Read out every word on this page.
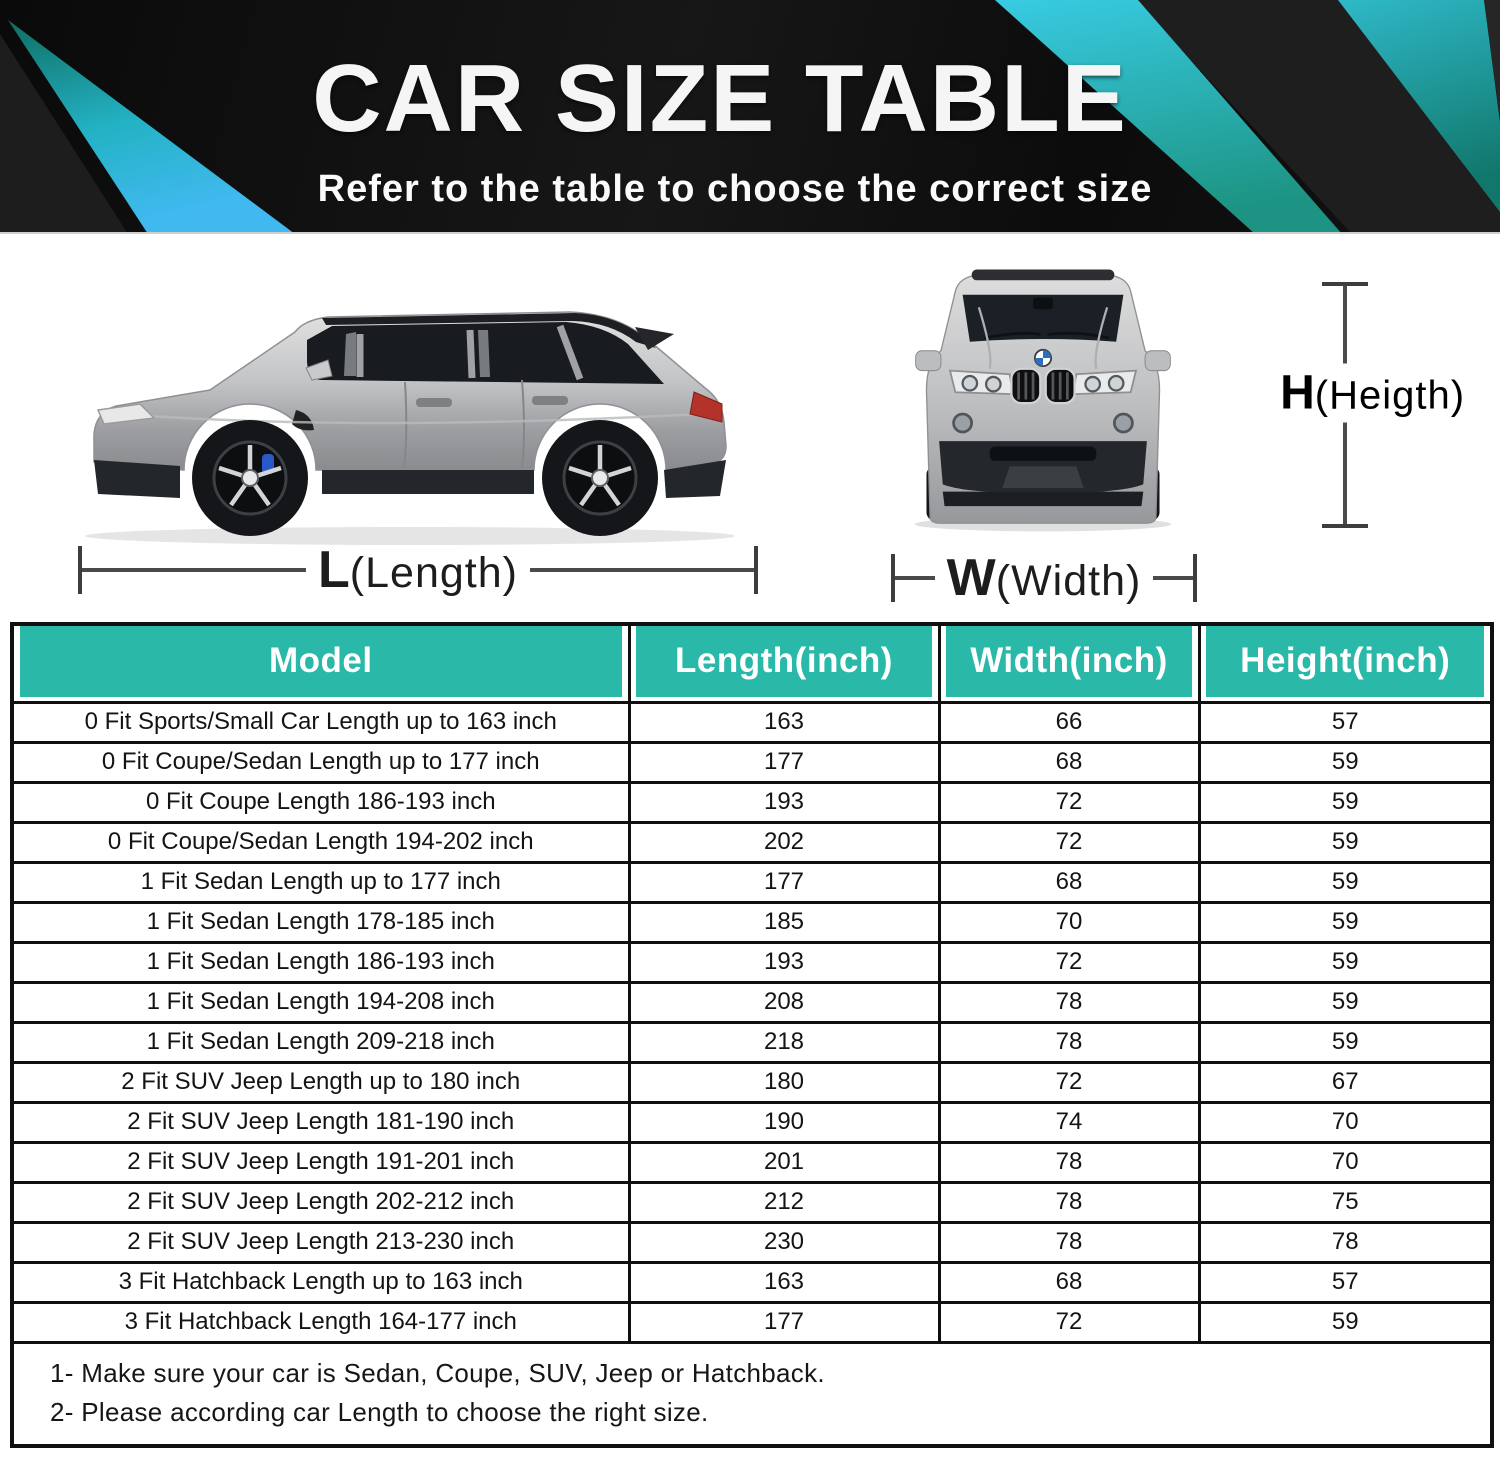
CAR SIZE TABLE
Refer to the table to choose the correct size
L (Length)	W (Width)
H (Heigth)
Model	Length(inch)	Width(inch)	Height(inch)
0 Fit Sports/Small Car Length up to 163 inch	163	66	57
0 Fit Coupe/Sedan Length up to 177 inch	177	68	59
0 Fit Coupe Length 186-193 inch	193	72	59
0 Fit Coupe/Sedan Length 194-202 inch	202	72	59
1 Fit Sedan Length up to 177 inch	177	68	59
1 Fit Sedan Length 178-185 inch	185	70	59
1 Fit Sedan Length 186-193 inch	193	72	59
1 Fit Sedan Length 194-208 inch	208	78	59
1 Fit Sedan Length 209-218 inch	218	78	59
2 Fit SUV Jeep Length up to 180 inch	180	72	67
2 Fit SUV Jeep Length 181-190 inch	190	74	70
2 Fit SUV Jeep Length 191-201 inch	201	78	70
2 Fit SUV Jeep Length 202-212 inch	212	78	75
2 Fit SUV Jeep Length 213-230 inch	230	78	78
3 Fit Hatchback Length up to 163 inch	163	68	57
3 Fit Hatchback Length 164-177 inch	177	72	59

1- Make sure your car is Sedan, Coupe, SUV, Jeep or Hatchback.
2- Please according car Length to choose the right size.			
